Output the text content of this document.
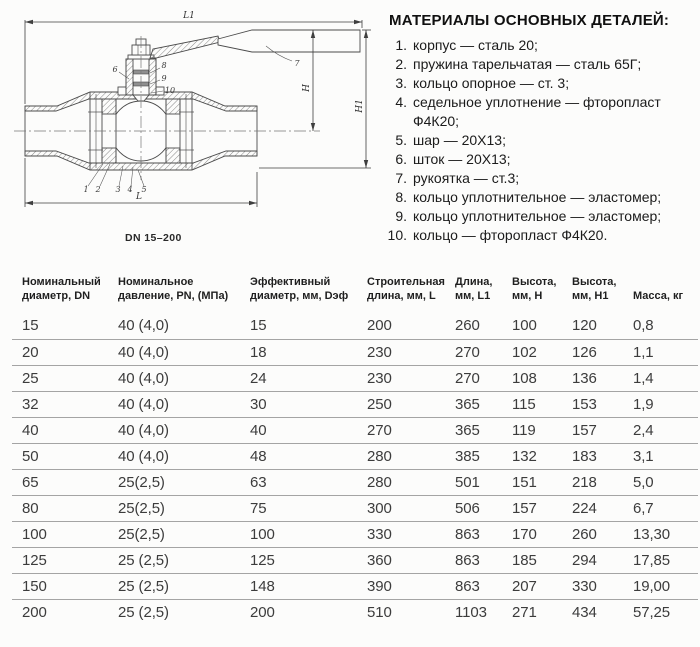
L1
L
H
H1
6	8
9
10
7
1 2 3 4 5
DN 15–200
МАТЕРИАЛЫ ОСНОВНЫХ ДЕТАЛЕЙ:
1. корпус — сталь 20;
2. пружина тарельчатая — сталь 65Г;
3. кольцо опорное — ст. 3;
4. седельное уплотнение — фторопласт Ф4К20;
5. шар — 20Х13;
6. шток — 20Х13;
7. рукоятка — ст.3;
8. кольцо уплотнительное — эластомер;
9. кольцо уплотнительное — эластомер;
10. кольцо — фторопласт Ф4К20.
Номинальный диаметр, DN	Номинальное давление, PN, (МПа)	Эффективный диаметр, мм, Dэф	Строительная длина, мм, L	Длина, мм, L1	Высота, мм, H	Высота, мм, H1	Масса, кг
15	40 (4,0)	15	200	260	100	120	0,8
20	40 (4,0)	18	230	270	102	126	1,1
25	40 (4,0)	24	230	270	108	136	1,4
32	40 (4,0)	30	250	365	115	153	1,9
40	40 (4,0)	40	270	365	119	157	2,4
50	40 (4,0)	48	280	385	132	183	3,1
65	25(2,5)	63	280	501	151	218	5,0
80	25(2,5)	75	300	506	157	224	6,7
100	25(2,5)	100	330	863	170	260	13,30
125	25 (2,5)	125	360	863	185	294	17,85
150	25 (2,5)	148	390	863	207	330	19,00
200	25 (2,5)	200	510	1103	271	434	57,25
